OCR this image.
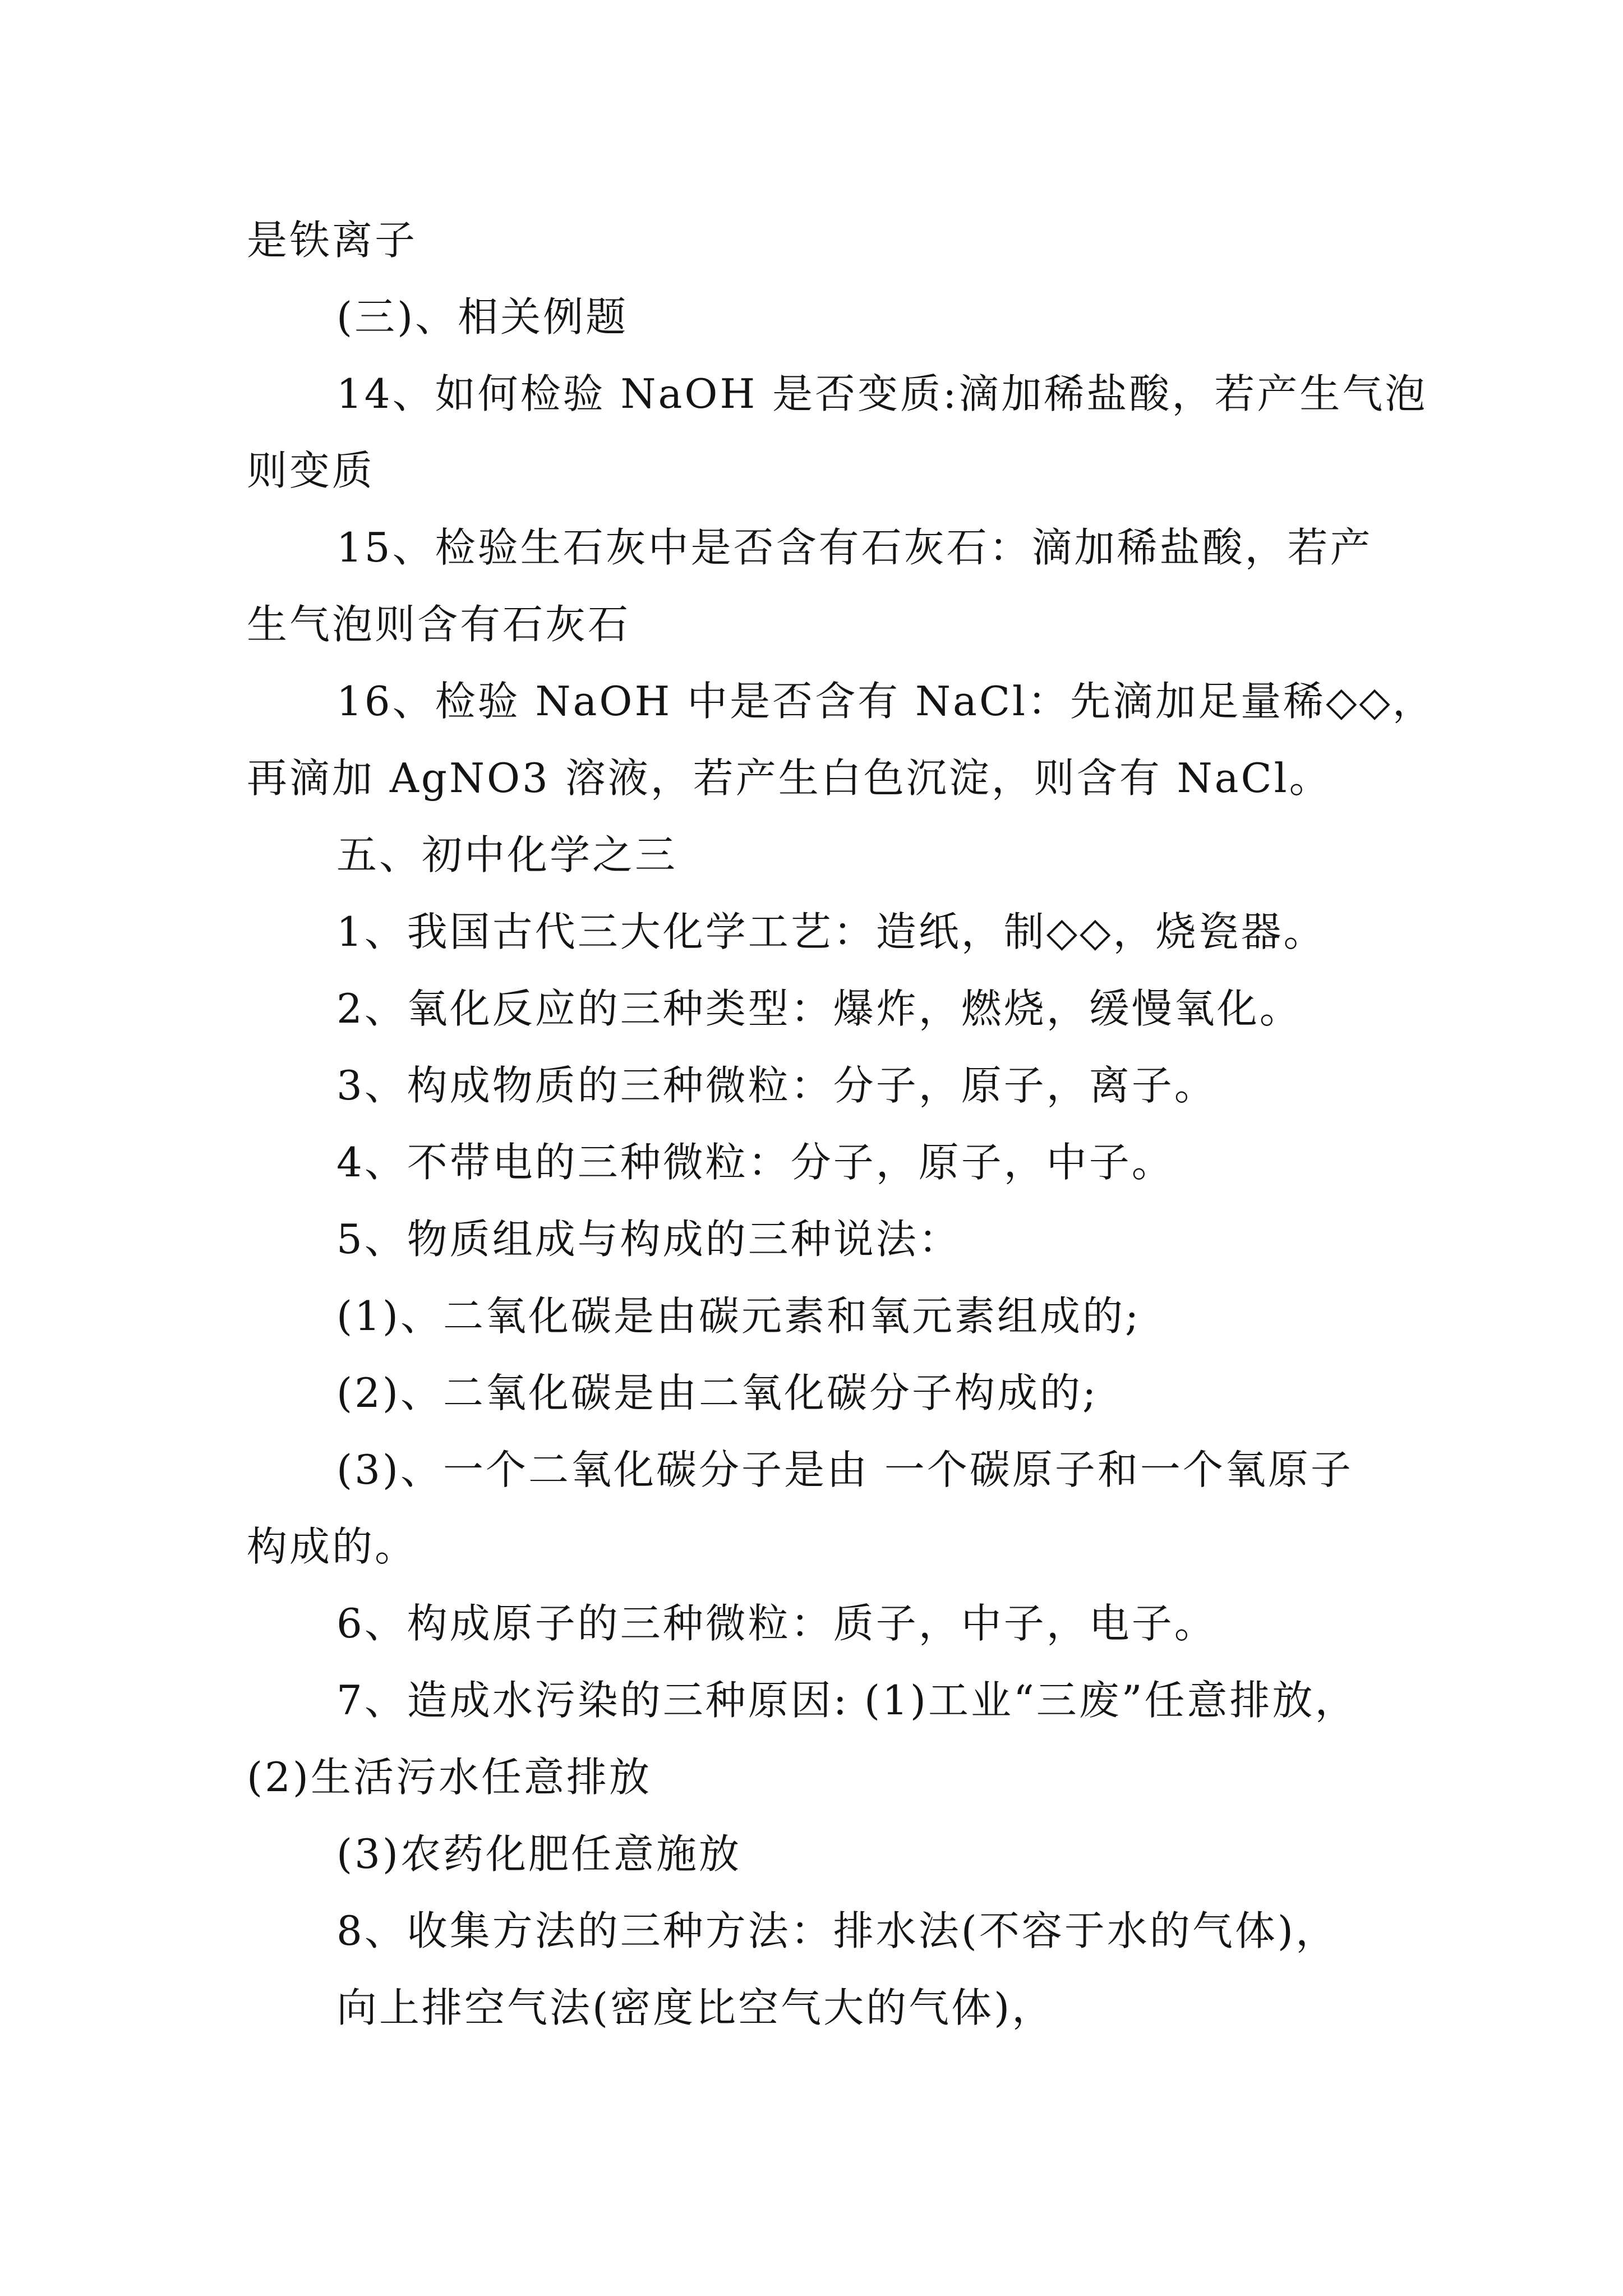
是铁离子
(三)、相关例题
14、如何检验 NaOH 是否变质:滴加稀盐酸，若产生气泡
则变质
15、检验生石灰中是否含有石灰石：滴加稀盐酸，若产
生气泡则含有石灰石
16、检验 NaOH 中是否含有 NaCl：先滴加足量稀◇◇，
再滴加 AgNO3 溶液，若产生白色沉淀，则含有 NaCl。
五、初中化学之三
1、我国古代三大化学工艺：造纸，制◇◇，烧瓷器。
2、氧化反应的三种类型：爆炸，燃烧，缓慢氧化。
3、构成物质的三种微粒：分子，原子，离子。
4、不带电的三种微粒：分子，原子，中子。
5、物质组成与构成的三种说法：
(1)、二氧化碳是由碳元素和氧元素组成的;
(2)、二氧化碳是由二氧化碳分子构成的;
(3)、一个二氧化碳分子是由 一个碳原子和一个氧原子
构成的。
6、构成原子的三种微粒：质子，中子，电子。
7、造成水污染的三种原因: (1)工业“三废”任意排放，
(2)生活污水任意排放
(3)农药化肥任意施放
8、收集方法的三种方法：排水法(不容于水的气体)，
向上排空气法(密度比空气大的气体)，
